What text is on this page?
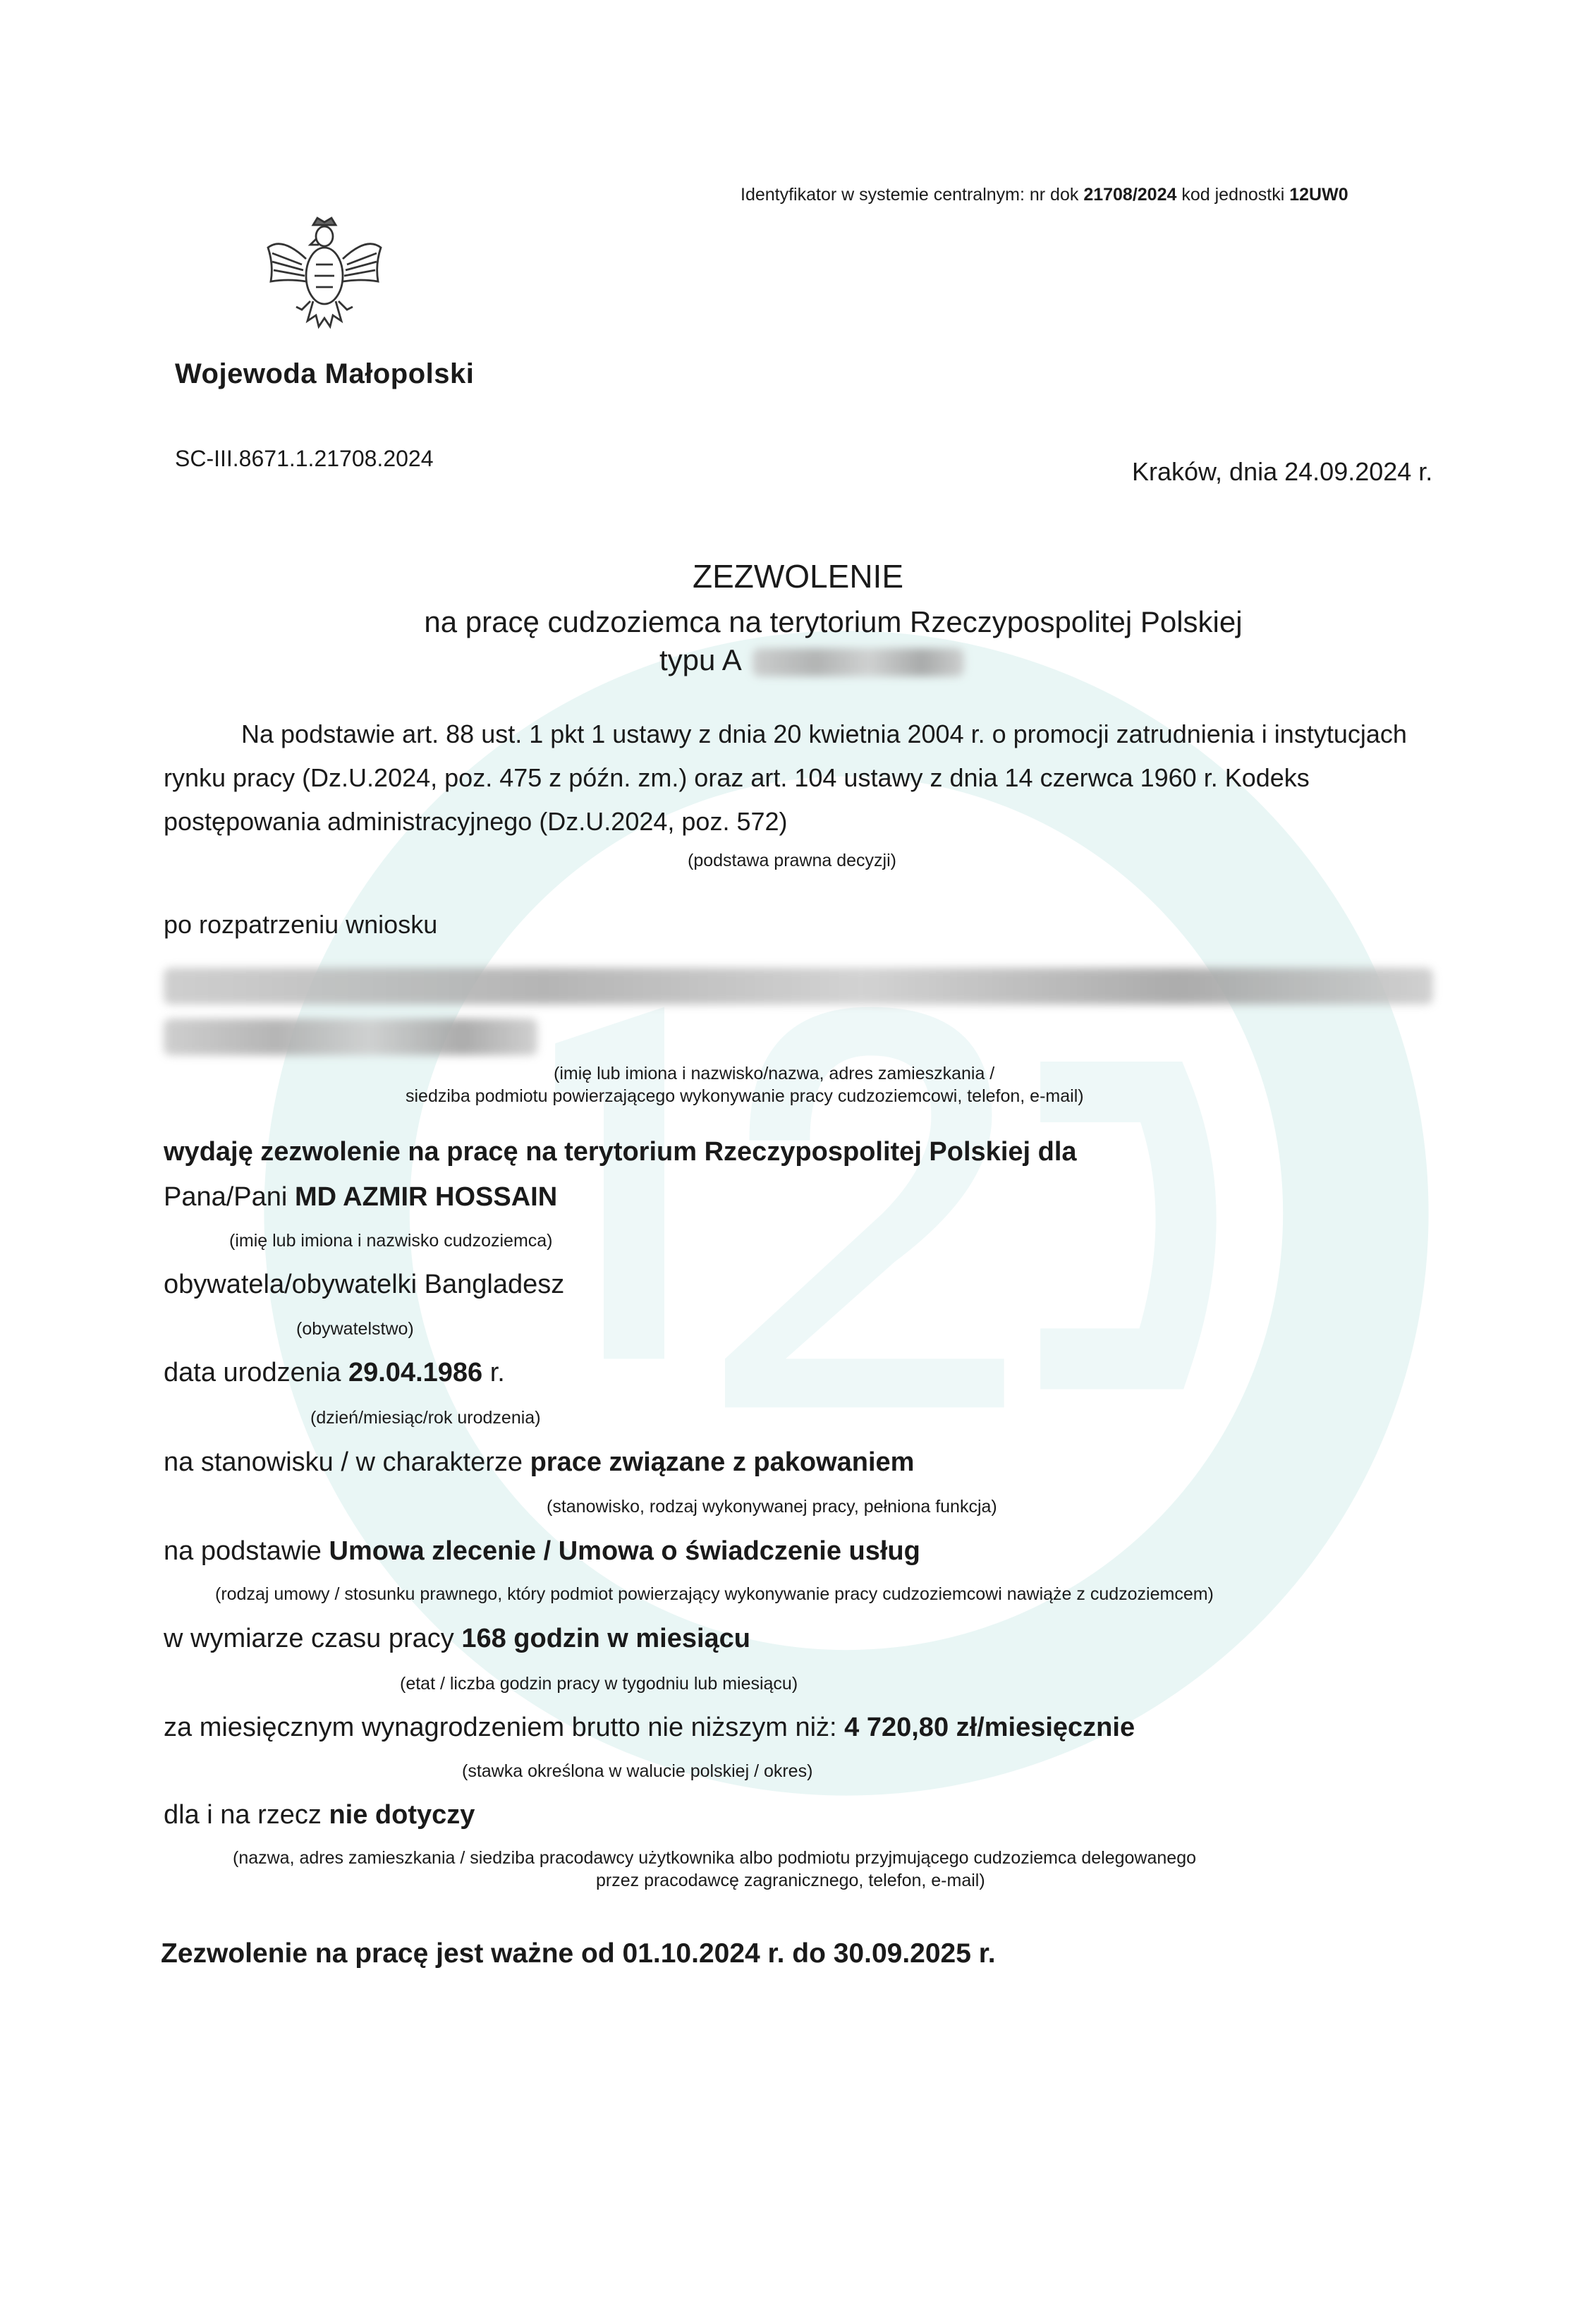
Identyfikator w systemie centralnym: nr dok 21708/2024 kod jednostki 12UW0
Wojewoda Małopolski
SC-III.8671.1.21708.2024	Kraków, dnia 24.09.2024 r.
ZEZWOLENIE
na pracę cudzoziemca na terytorium Rzeczypospolitej Polskiej
typu A
Na podstawie art. 88 ust. 1 pkt 1 ustawy z dnia 20 kwietnia 2004 r. o promocji zatrudnienia i instytucjach rynku pracy (Dz.U.2024, poz. 475 z późn. zm.) oraz art. 104 ustawy z dnia 14 czerwca 1960 r. Kodeks postępowania administracyjnego (Dz.U.2024, poz. 572)
(podstawa prawna decyzji)
po rozpatrzeniu wniosku
(imię lub imiona i nazwisko/nazwa, adres zamieszkania /
siedziba podmiotu powierzającego wykonywanie pracy cudzoziemcowi, telefon, e-mail)
wydaję zezwolenie na pracę na terytorium Rzeczypospolitej Polskiej dla
Pana/Pani MD AZMIR HOSSAIN
(imię lub imiona i nazwisko cudzoziemca)
obywatela/obywatelki Bangladesz
(obywatelstwo)
data urodzenia 29.04.1986 r.
(dzień/miesiąc/rok urodzenia)
na stanowisku / w charakterze prace związane z pakowaniem
(stanowisko, rodzaj wykonywanej pracy, pełniona funkcja)
na podstawie Umowa zlecenie / Umowa o świadczenie usług
(rodzaj umowy / stosunku prawnego, który podmiot powierzający wykonywanie pracy cudzoziemcowi nawiąże z cudzoziemcem)
w wymiarze czasu pracy 168 godzin w miesiącu
(etat / liczba godzin pracy w tygodniu lub miesiącu)
za miesięcznym wynagrodzeniem brutto nie niższym niż: 4 720,80 zł/miesięcznie
(stawka określona w walucie polskiej / okres)
dla i na rzecz nie dotyczy
(nazwa, adres zamieszkania / siedziba pracodawcy użytkownika albo podmiotu przyjmującego cudzoziemca delegowanego
przez pracodawcę zagranicznego, telefon, e-mail)
Zezwolenie na pracę jest ważne od 01.10.2024 r. do 30.09.2025 r.
